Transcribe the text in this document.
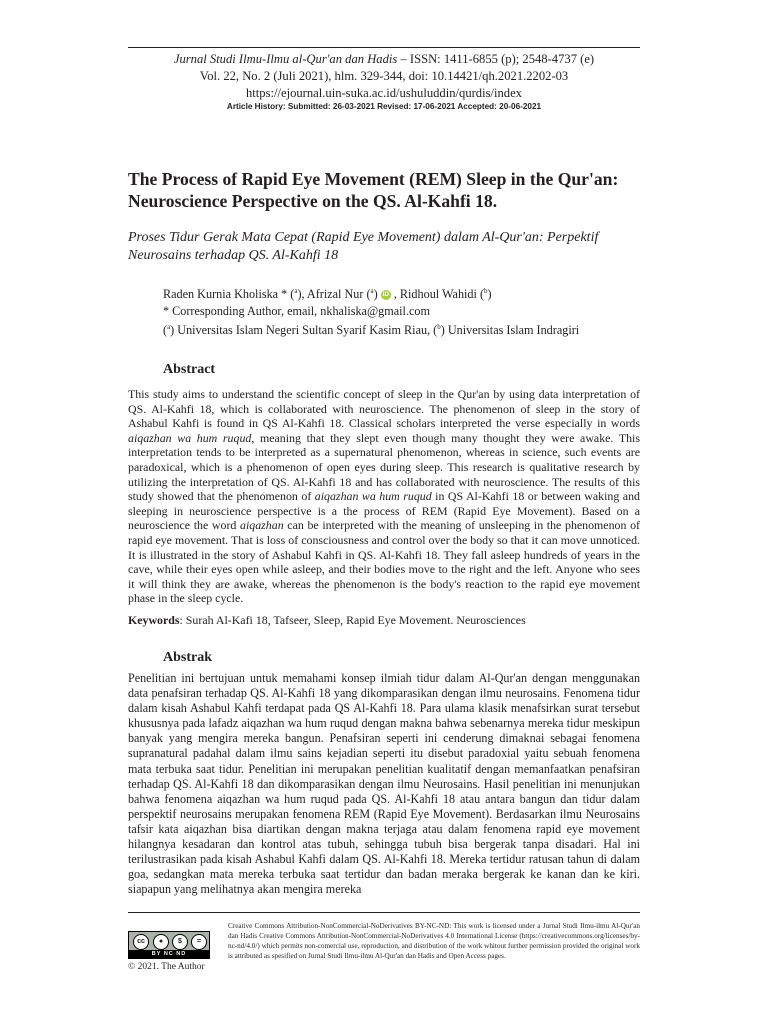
Jurnal Studi Ilmu-Ilmu al-Qur'an dan Hadis – ISSN: 1411-6855 (p); 2548-4737 (e)
Vol. 22, No. 2 (Juli 2021), hlm. 329-344, doi: 10.14421/qh.2021.2202-03
https://ejournal.uin-suka.ac.id/ushuluddin/qurdis/index
Article History: Submitted: 26-03-2021 Revised: 17-06-2021 Accepted: 20-06-2021
The Process of Rapid Eye Movement (REM) Sleep in the Qur'an: Neuroscience Perspective on the QS. Al-Kahfi 18.
Proses Tidur Gerak Mata Cepat (Rapid Eye Movement) dalam Al-Qur'an: Perpektif Neurosains terhadap QS. Al-Kahfi 18
Raden Kurnia Kholiska * ($^a$), Afrizal Nur ($^a$) iD , Ridhoul Wahidi ($^b$)
* Corresponding Author, email, nkhaliska@gmail.com
($^a$) Universitas Islam Negeri Sultan Syarif Kasim Riau, ($^b$) Universitas Islam Indragiri
Abstract

This study aims to understand the scientific concept of sleep in the Qur'an by using data interpretation of QS. Al-Kahfi 18, which is collaborated with neuroscience. The phenomenon of sleep in the story of Ashabul Kahfi is found in QS Al-Kahfi 18. Classical scholars interpreted the verse especially in words aiqazhan wa hum ruqud, meaning that they slept even though many thought they were awake. This interpretation tends to be interpreted as a supernatural phenomenon, whereas in science, such events are paradoxical, which is a phenomenon of open eyes during sleep. This research is qualitative research by utilizing the interpretation of QS. Al-Kahfi 18 and has collaborated with neuroscience. The results of this study showed that the phenomenon of aiqazhan wa hum ruqud in QS Al-Kahfi 18 or between waking and sleeping in neuroscience perspective is a the process of REM (Rapid Eye Movement). Based on a neuroscience the word aiqazhan can be interpreted with the meaning of unsleeping in the phenomenon of rapid eye movement. That is loss of consciousness and control over the body so that it can move unnoticed. It is illustrated in the story of Ashabul Kahfi in QS. Al-Kahfi 18. They fall asleep hundreds of years in the cave, while their eyes open while asleep, and their bodies move to the right and the left. Anyone who sees it will think they are awake, whereas the phenomenon is the body's reaction to the rapid eye movement phase in the sleep cycle.

Keywords: Surah Al-Kafi 18, Tafseer, Sleep, Rapid Eye Movement. Neurosciences

Abstrak

Penelitian ini bertujuan untuk memahami konsep ilmiah tidur dalam Al-Qur'an dengan menggunakan data penafsiran terhadap QS. Al-Kahfi 18 yang dikomparasikan dengan ilmu neurosains. Fenomena tidur dalam kisah Ashabul Kahfi terdapat pada QS Al-Kahfi 18. Para ulama klasik menafsirkan surat tersebut khususnya pada lafadz aiqazhan wa hum ruqud dengan makna bahwa sebenarnya mereka tidur meskipun banyak yang mengira mereka bangun. Penafsiran seperti ini cenderung dimaknai sebagai fenomena supranatural padahal dalam ilmu sains kejadian seperti itu disebut paradoxial yaitu sebuah fenomena mata terbuka saat tidur. Penelitian ini merupakan penelitian kualitatif dengan memanfaatkan penafsiran terhadap QS. Al-Kahfi 18 dan dikomparasikan dengan ilmu Neurosains. Hasil penelitian ini menunjukan bahwa fenomena aiqazhan wa hum ruqud pada QS. Al-Kahfi 18 atau antara bangun dan tidur dalam perspektif neurosains merupakan fenomena REM (Rapid Eye Movement). Berdasarkan ilmu Neurosains tafsir kata aiqazhan bisa diartikan dengan makna terjaga atau dalam fenomena rapid eye movement hilangnya kesadaran dan kontrol atas tubuh, sehingga tubuh bisa bergerak tanpa disadari. Hal ini terilustrasikan pada kisah Ashabul Kahfi dalam QS. Al-Kahfi 18. Mereka tertidur ratusan tahun di dalam goa, sedangkan mata mereka terbuka saat tertidur dan badan meraka bergerak ke kanan dan ke kiri. siapapun yang melihatnya akan mengira mereka

cc	●	$	=
BY NC ND
© 2021. The Author
Creative Commons Attribution-NonCommercial-NoDerivatives BY-NC-ND: This work is licensed under a Jurnal Studi Ilmu-ilmu Al-Qur'an dan Hadis Creative Commons Attribution-NonCommercial-NoDerivatives 4.0 International License (https://creativecommons.org/licenses/by-nc-nd/4.0/) which permits non-comercial use, reproduction, and distribution of the work whitout further permission provided the original work is attributed as spesified on Jurnal Studi Ilmu-ilmu Al-Qur'an dan Hadis and Open Access pages.
